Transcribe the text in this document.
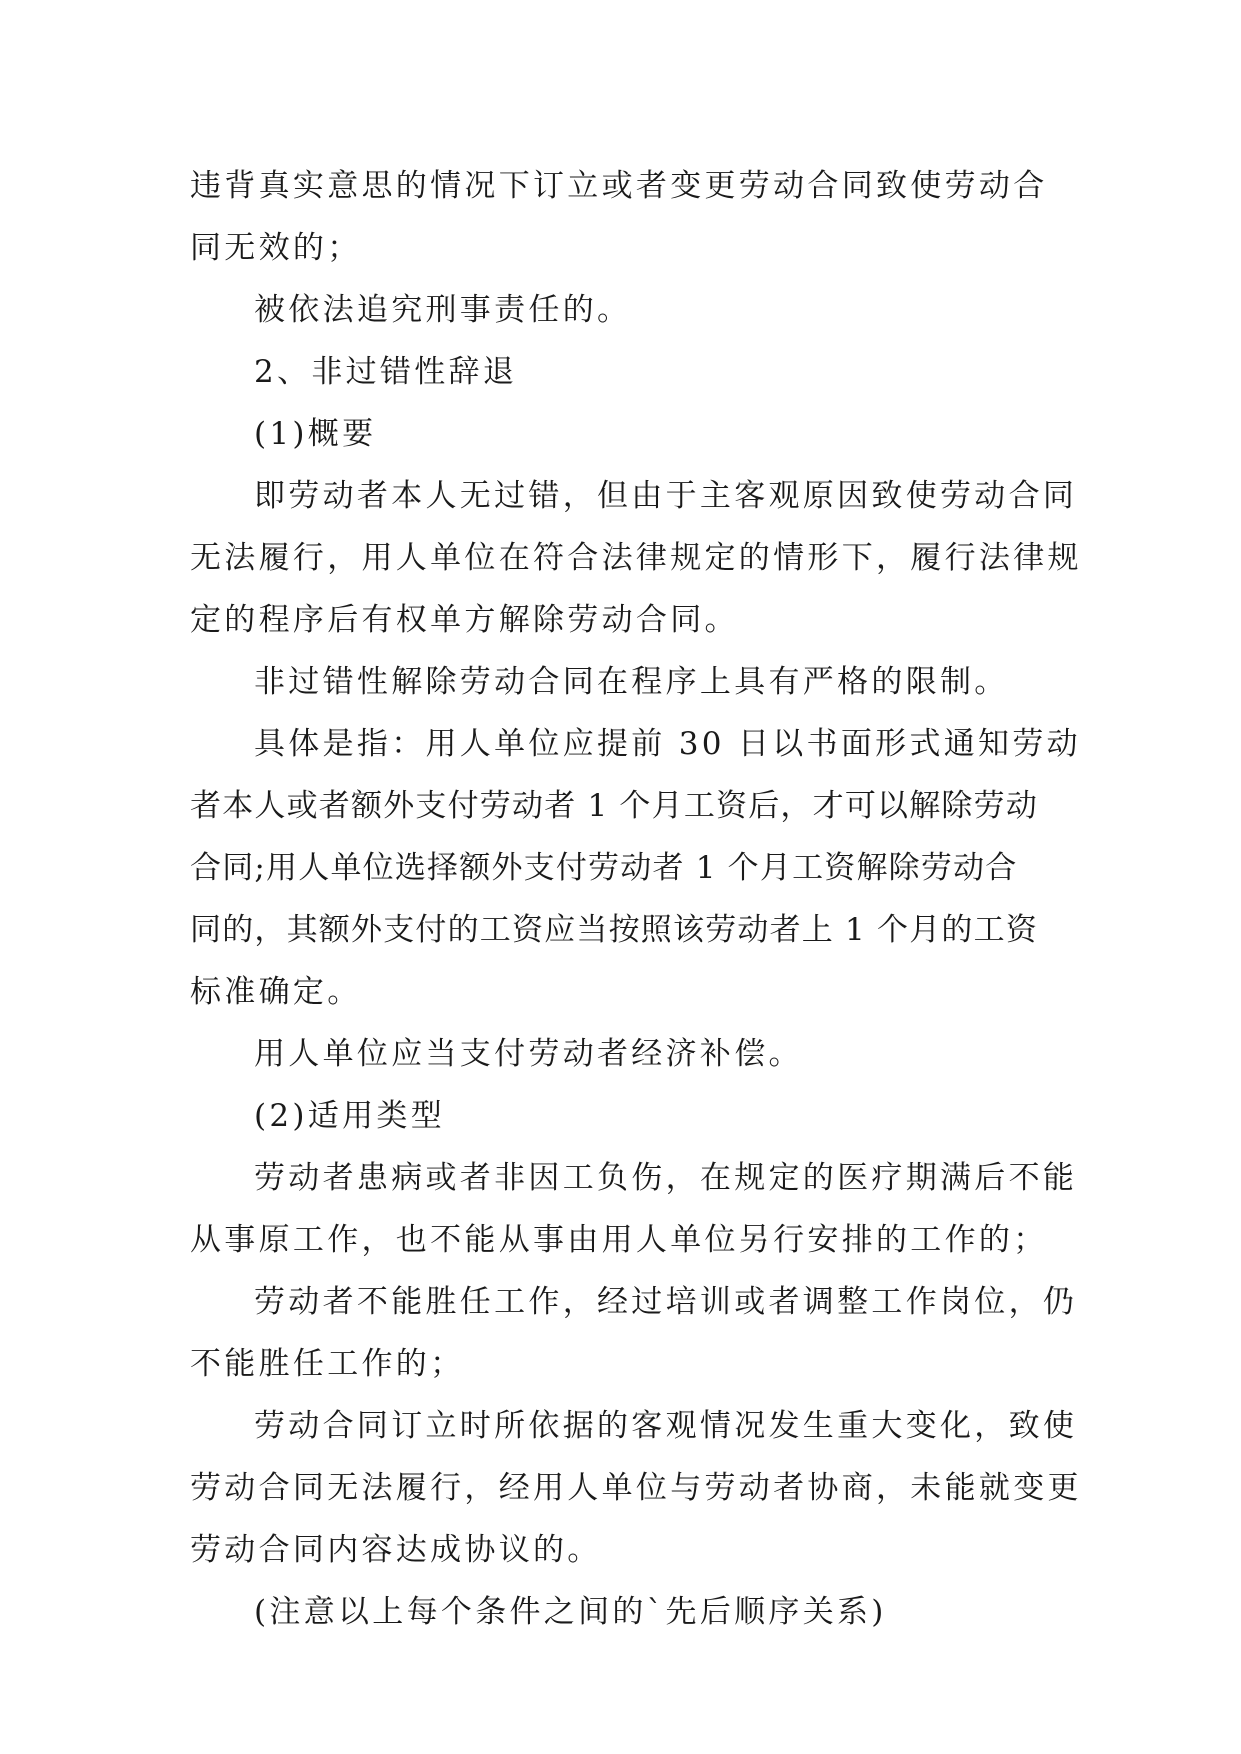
违背真实意思的情况下订立或者变更劳动合同致使劳动合
同无效的；
被依法追究刑事责任的。
2、非过错性辞退
(1)概要
即劳动者本人无过错，但由于主客观原因致使劳动合同
无法履行，用人单位在符合法律规定的情形下，履行法律规
定的程序后有权单方解除劳动合同。
非过错性解除劳动合同在程序上具有严格的限制。
具体是指：用人单位应提前 30 日以书面形式通知劳动
者本人或者额外支付劳动者 1 个月工资后，才可以解除劳动
合同;用人单位选择额外支付劳动者 1 个月工资解除劳动合
同的，其额外支付的工资应当按照该劳动者上 1 个月的工资
标准确定。
用人单位应当支付劳动者经济补偿。
(2)适用类型
劳动者患病或者非因工负伤，在规定的医疗期满后不能
从事原工作，也不能从事由用人单位另行安排的工作的；
劳动者不能胜任工作，经过培训或者调整工作岗位，仍
不能胜任工作的；
劳动合同订立时所依据的客观情况发生重大变化，致使
劳动合同无法履行，经用人单位与劳动者协商，未能就变更
劳动合同内容达成协议的。
(注意以上每个条件之间的`先后顺序关系)
